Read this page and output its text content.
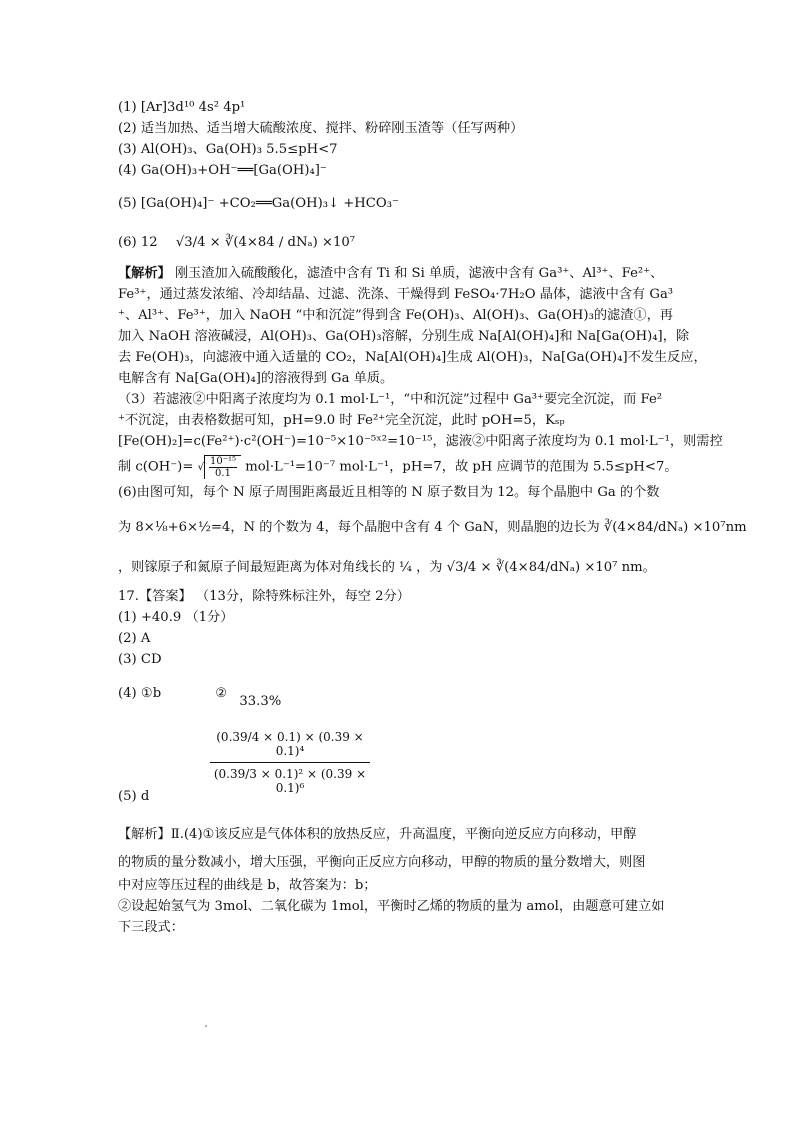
(1) [Ar]3d¹⁰ 4s² 4p¹
(2) 适当加热、适当增大硫酸浓度、搅拌、粉碎刚玉渣等（任写两种）
(3) Al(OH)₃、Ga(OH)₃ 5.5≤pH<7
(4) Ga(OH)₃+OH⁻══[Ga(OH)₄]⁻
(5) [Ga(OH)₄]⁻ +CO₂══Ga(OH)₃↓ +HCO₃⁻
(6) 12 √3/4 × ∛(4×84 / dNₐ) ×10⁷
【解析】 刚玉渣加入硫酸酸化，滤渣中含有 Ti 和 Si 单质，滤液中含有 Ga³⁺、Al³⁺、Fe²⁺、
Fe³⁺，通过蒸发浓缩、冷却结晶、过滤、洗涤、干燥得到 FeSO₄·7H₂O 晶体，滤液中含有 Ga³
⁺、Al³⁺、Fe³⁺，加入 NaOH “中和沉淀”得到含 Fe(OH)₃、Al(OH)₃、Ga(OH)₃的滤渣①，再
加入 NaOH 溶液碱浸，Al(OH)₃、Ga(OH)₃溶解，分别生成 Na[Al(OH)₄]和 Na[Ga(OH)₄]，除
去 Fe(OH)₃，向滤液中通入适量的 CO₂，Na[Al(OH)₄]生成 Al(OH)₃，Na[Ga(OH)₄]不发生反应，
电解含有 Na[Ga(OH)₄]的溶液得到 Ga 单质。
（3）若滤液②中阳离子浓度均为 0.1 mol·L⁻¹，“中和沉淀”过程中 Ga³⁺要完全沉淀，而 Fe²
⁺不沉淀，由表格数据可知，pH=9.0 时 Fe²⁺完全沉淀，此时 pOH=5，Kₛₚ
[Fe(OH)₂]=c(Fe²⁺)·c²(OH⁻)=10⁻⁵×10⁻⁵ˣ²=10⁻¹⁵，滤液②中阳离子浓度均为 0.1 mol·L⁻¹，则需控
制 c(OH⁻)= √ $\frac{\text{10⁻¹⁵}}{0.1} mol\cdot L^{-1}=10^{-7}$ mol·L⁻¹，pH=7，故 pH 应调节的范围为 5.5≤pH<7。
(6)由图可知，每个 N 原子周围距离最近且相等的 N 原子数目为 12。每个晶胞中 Ga 的个数
为 8×⅛+6×½=4，N 的个数为 4，每个晶胞中含有 4 个 GaN，则晶胞的边长为 ∛(4×84/dNₐ) ×10⁷nm
，则镓原子和氮原子间最短距离为体对角线长的 ¼ ，为 √3/4 × ∛(4×84/dNₐ) ×10⁷ nm。
17.【答案】 （13分，除特殊标注外，每空 2分）
(1) +40.9 （1分）
(2) A
(3) CD
(4) ①b	② 33.3%
$\frac{\text{(0.39/4 × 0.1) × (0.39 × 0.1)⁴}}{\text{(0.39/3 × 0.1)² × (0.39 × 0.1)⁶}}$
(5) d
【解析】Ⅱ.(4)①该反应是气体体积的放热反应，升高温度，平衡向逆反应方向移动，甲醇
的物质的量分数减小，增大压强，平衡向正反应方向移动，甲醇的物质的量分数增大，则图
中对应等压过程的曲线是 b，故答案为：b；
②设起始氢气为 3mol、二氧化碳为 1mol，平衡时乙烯的物质的量为 amol，由题意可建立如
下三段式：
